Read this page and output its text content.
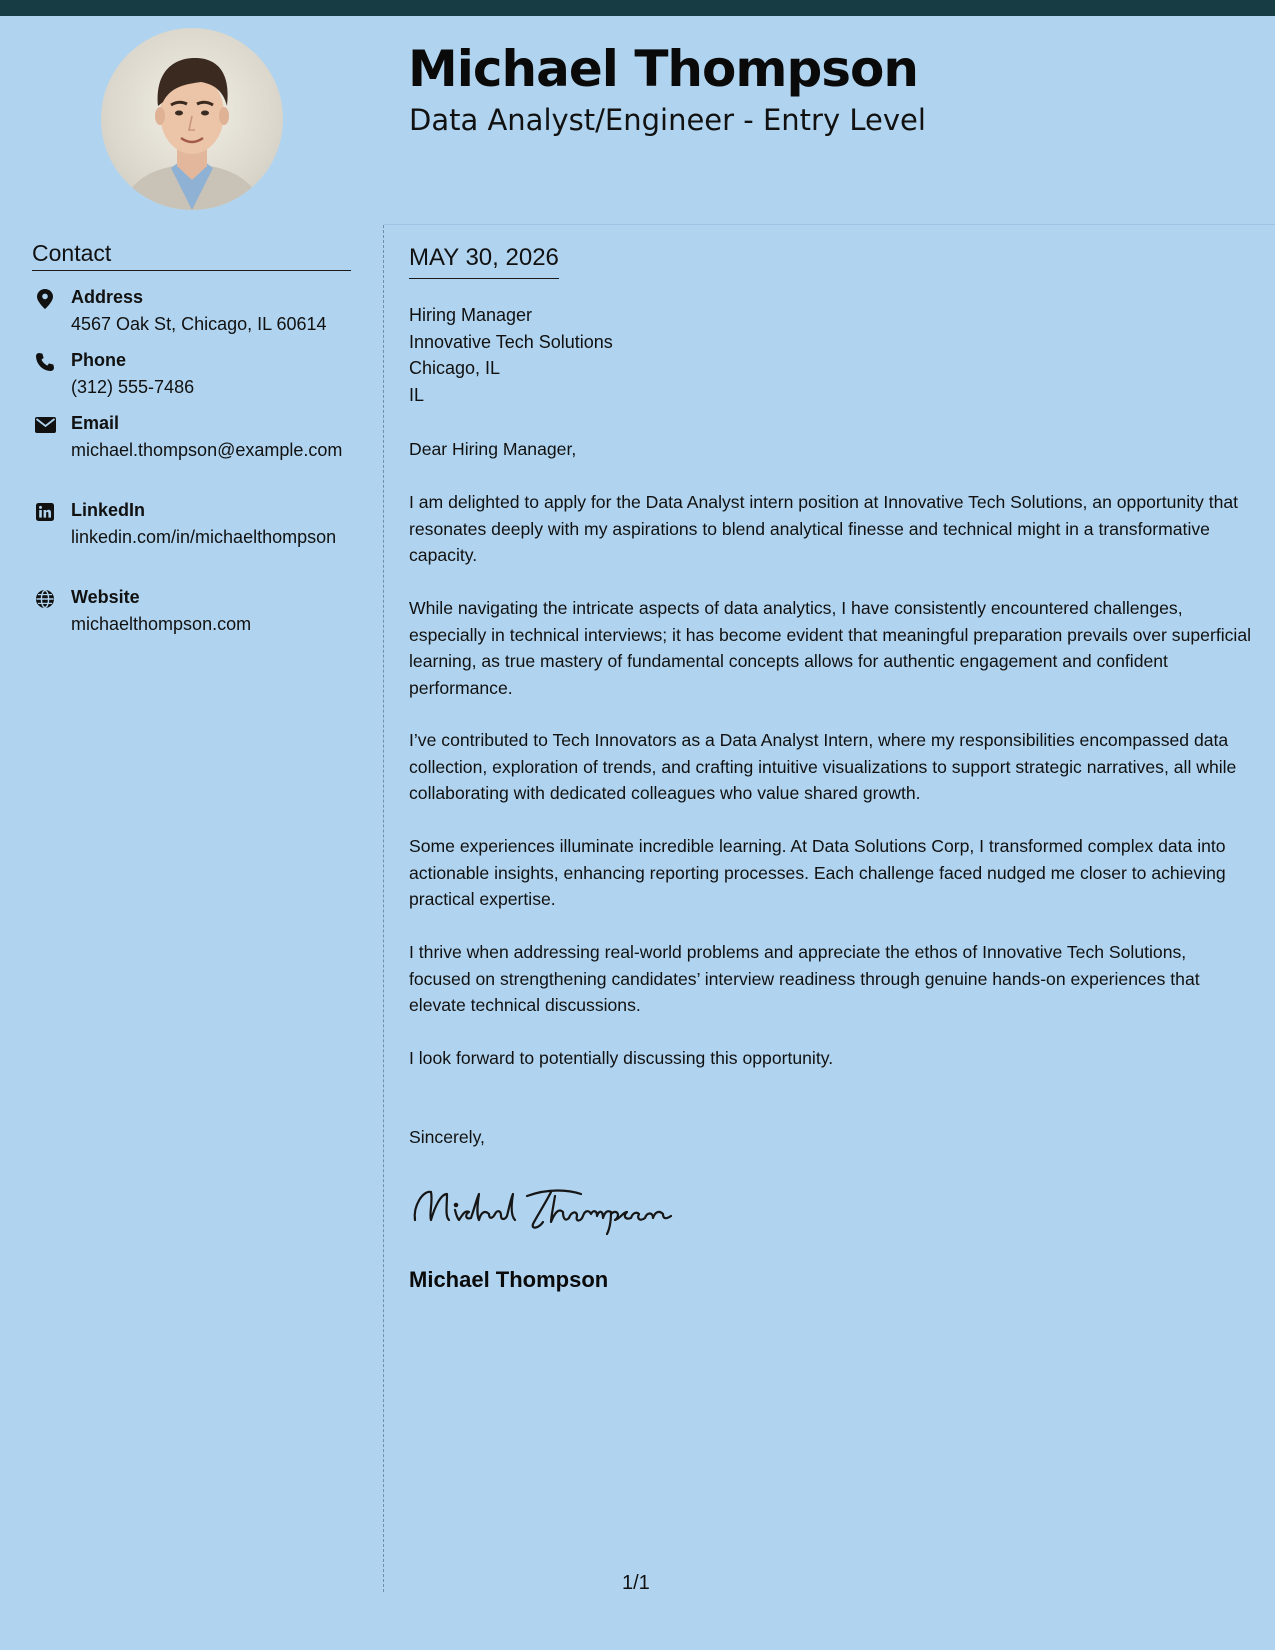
Michael Thompson
Data Analyst/Engineer - Entry Level
Contact
Address
4567 Oak St, Chicago, IL 60614
Phone
(312) 555-7486
Email
michael.thompson@example.com
LinkedIn
linkedin.com/in/michaelthompson
Website
michaelthompson.com
MAY 30, 2026
Hiring Manager
Innovative Tech Solutions
Chicago, IL
IL
Dear Hiring Manager,
I am delighted to apply for the Data Analyst intern position at Innovative Tech Solutions, an opportunity that resonates deeply with my aspirations to blend analytical finesse and technical might in a transformative capacity.
While navigating the intricate aspects of data analytics, I have consistently encountered challenges, especially in technical interviews; it has become evident that meaningful preparation prevails over superficial learning, as true mastery of fundamental concepts allows for authentic engagement and confident performance.
I’ve contributed to Tech Innovators as a Data Analyst Intern, where my responsibilities encompassed data collection, exploration of trends, and crafting intuitive visualizations to support strategic narratives, all while collaborating with dedicated colleagues who value shared growth.
Some experiences illuminate incredible learning. At Data Solutions Corp, I transformed complex data into actionable insights, enhancing reporting processes. Each challenge faced nudged me closer to achieving practical expertise.
I thrive when addressing real-world problems and appreciate the ethos of Innovative Tech Solutions, focused on strengthening candidates’ interview readiness through genuine hands-on experiences that elevate technical discussions.
I look forward to potentially discussing this opportunity.
Sincerely,
Michael Thompson
1/1
